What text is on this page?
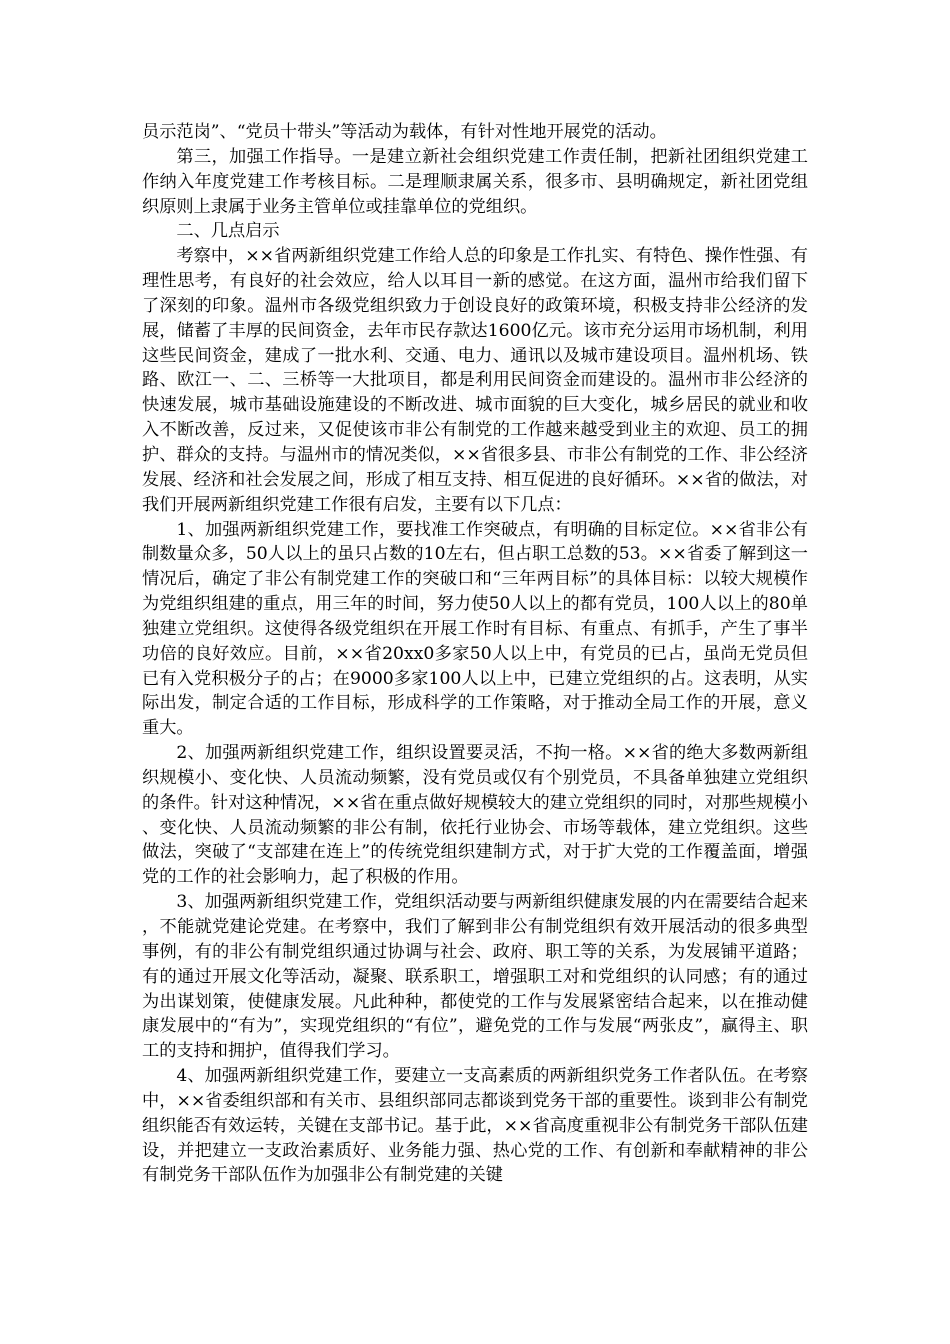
员示范岗”、“党员十带头”等活动为载体，有针对性地开展党的活动。

第三，加强工作指导。一是建立新社会组织党建工作责任制，把新社团组织党建工作纳入年度党建工作考核目标。二是理顺隶属关系，很多市、县明确规定，新社团党组织原则上隶属于业务主管单位或挂靠单位的党组织。

二、几点启示

考察中，××省两新组织党建工作给人总的印象是工作扎实、有特色、操作性强、有理性思考，有良好的社会效应，给人以耳目一新的感觉。在这方面，温州市给我们留下了深刻的印象。温州市各级党组织致力于创设良好的政策环境，积极支持非公经济的发展，储蓄了丰厚的民间资金，去年市民存款达1600亿元。该市充分运用市场机制，利用这些民间资金，建成了一批水利、交通、电力、通讯以及城市建设项目。温州机场、铁路、欧江一、二、三桥等一大批项目，都是利用民间资金而建设的。温州市非公经济的快速发展，城市基础设施建设的不断改进、城市面貌的巨大变化，城乡居民的就业和收入不断改善，反过来，又促使该市非公有制党的工作越来越受到业主的欢迎、员工的拥护、群众的支持。与温州市的情况类似，××省很多县、市非公有制党的工作、非公经济发展、经济和社会发展之间，形成了相互支持、相互促进的良好循环。××省的做法，对我们开展两新组织党建工作很有启发，主要有以下几点：

1、加强两新组织党建工作，要找准工作突破点，有明确的目标定位。××省非公有制数量众多，50人以上的虽只占数的10左右，但占职工总数的53。××省委了解到这一情况后，确定了非公有制党建工作的突破口和“三年两目标”的具体目标：以较大规模作为党组织组建的重点，用三年的时间，努力使50人以上的都有党员，100人以上的80单独建立党组织。这使得各级党组织在开展工作时有目标、有重点、有抓手，产生了事半功倍的良好效应。目前，××省20xx0多家50人以上中，有党员的已占，虽尚无党员但已有入党积极分子的占；在9000多家100人以上中，已建立党组织的占。这表明，从实际出发，制定合适的工作目标，形成科学的工作策略，对于推动全局工作的开展，意义重大。

2、加强两新组织党建工作，组织设置要灵活，不拘一格。××省的绝大多数两新组织规模小、变化快、人员流动频繁，没有党员或仅有个别党员，不具备单独建立党组织的条件。针对这种情况，××省在重点做好规模较大的建立党组织的同时，对那些规模小、变化快、人员流动频繁的非公有制，依托行业协会、市场等载体，建立党组织。这些做法，突破了“支部建在连上”的传统党组织建制方式，对于扩大党的工作覆盖面，增强党的工作的社会影响力，起了积极的作用。

3、加强两新组织党建工作，党组织活动要与两新组织健康发展的内在需要结合起来，不能就党建论党建。在考察中，我们了解到非公有制党组织有效开展活动的很多典型事例，有的非公有制党组织通过协调与社会、政府、职工等的关系，为发展铺平道路；有的通过开展文化等活动，凝聚、联系职工，增强职工对和党组织的认同感；有的通过为出谋划策，使健康发展。凡此种种，都使党的工作与发展紧密结合起来，以在推动健康发展中的“有为”，实现党组织的“有位”，避免党的工作与发展“两张皮”，赢得主、职工的支持和拥护，值得我们学习。

4、加强两新组织党建工作，要建立一支高素质的两新组织党务工作者队伍。在考察中，××省委组织部和有关市、县组织部同志都谈到党务干部的重要性。谈到非公有制党组织能否有效运转，关键在支部书记。基于此，××省高度重视非公有制党务干部队伍建设，并把建立一支政治素质好、业务能力强、热心党的工作、有创新和奉献精神的非公有制党务干部队伍作为加强非公有制党建的关键
